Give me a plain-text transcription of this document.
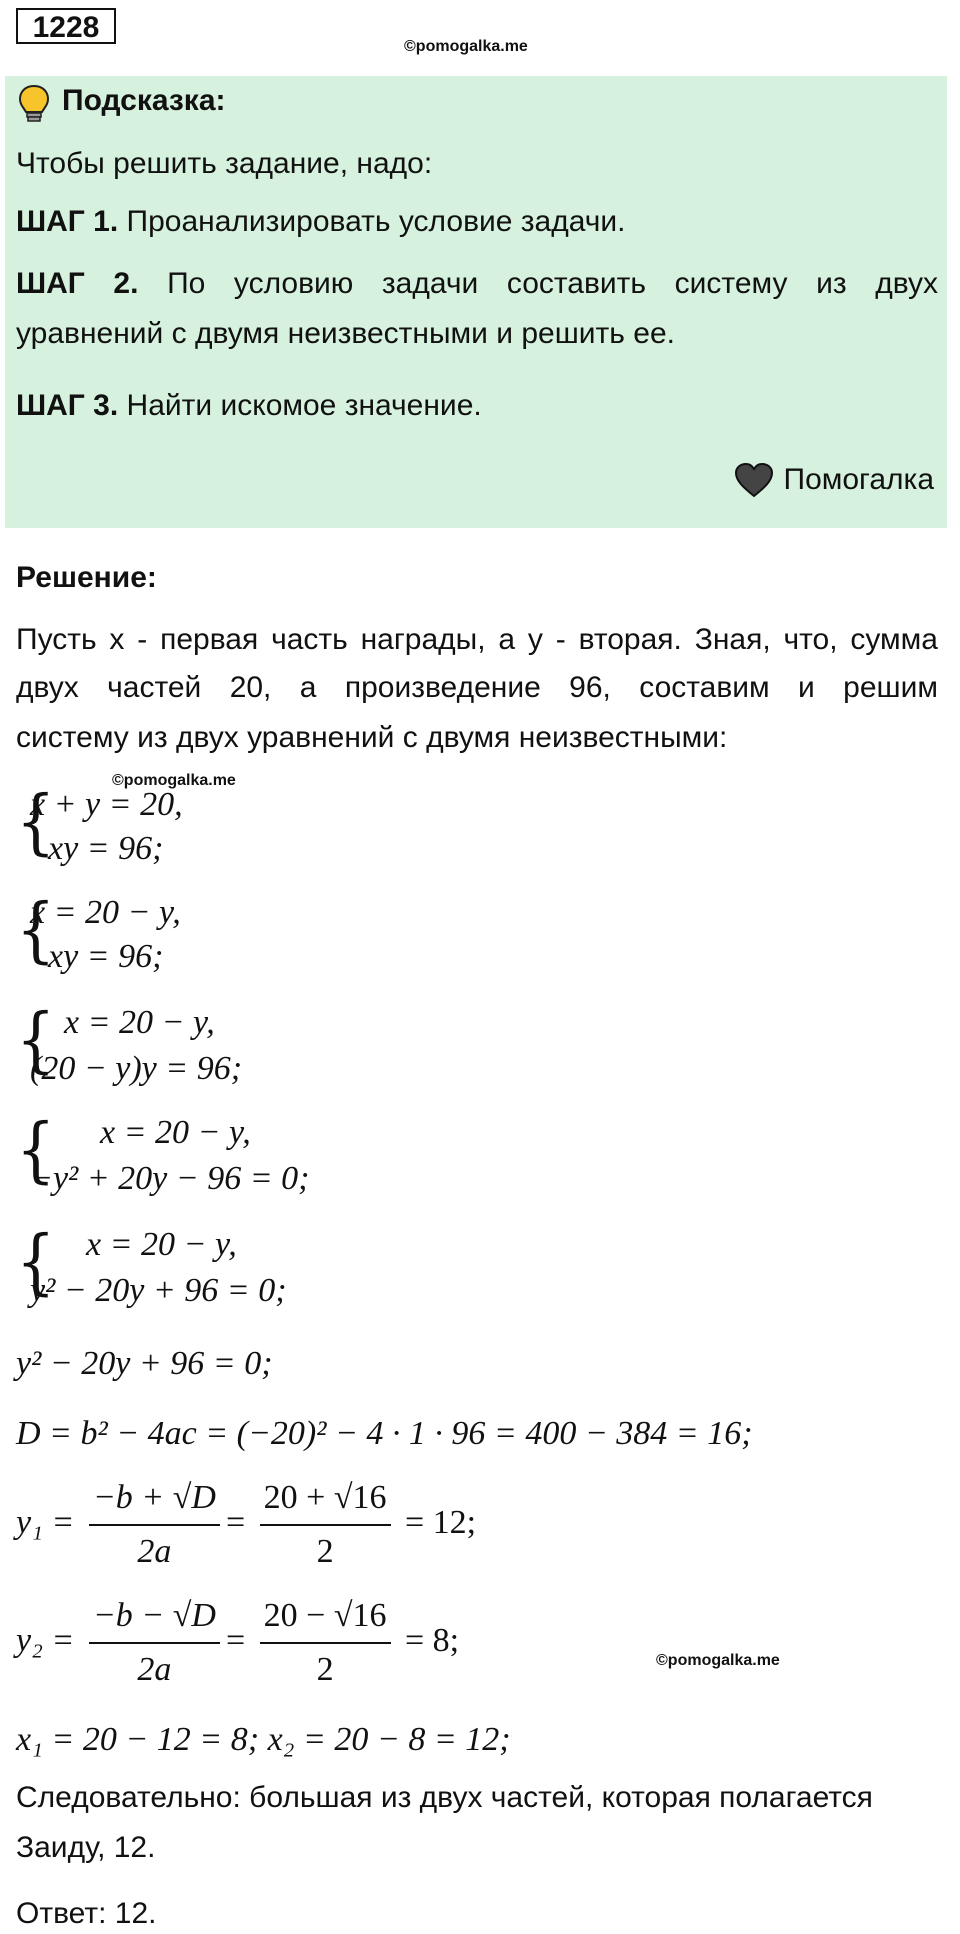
1228
©pomogalka.me
Подсказка:
Чтобы решить задание, надо:
ШАГ 1. Проанализировать условие задачи.
ШАГ 2. По условию задачи составить систему из двух
уравнений с двумя неизвестными и решить ее.
ШАГ 3. Найти искомое значение.
Помогалка
Решение:
Пусть х - первая часть награды, а у - вторая. Зная, что, сумма
двух частей 20, а произведение 96, составим и решим
систему из двух уравнений с двумя неизвестными:
©pomogalka.me
{
x + y = 20,
xy = 96;
{
x = 20 − y,
xy = 96;
{ x = 20 − y,
(20 − y)y = 96;
{ x = 20 − y,
−y² + 20y − 96 = 0;
{ x = 20 − y,
y² − 20y + 96 = 0;
y² − 20y + 96 = 0;
D = b² − 4ac = (−20)² − 4 · 1 · 96 = 400 − 384 = 16;
$y_1 = \frac{-b + √D}{2a} = \frac{20 + √16}{2} = 12$;
$y_2 = \frac{-b - √D}{2a} = \frac{20 - √16}{2} = 8$;
©pomogalka.me
x₁ = 20 − 12 = 8; x₂ = 20 − 8 = 12;
Следовательно: большая из двух частей, которая полагается
Заиду, 12.
Ответ: 12.
